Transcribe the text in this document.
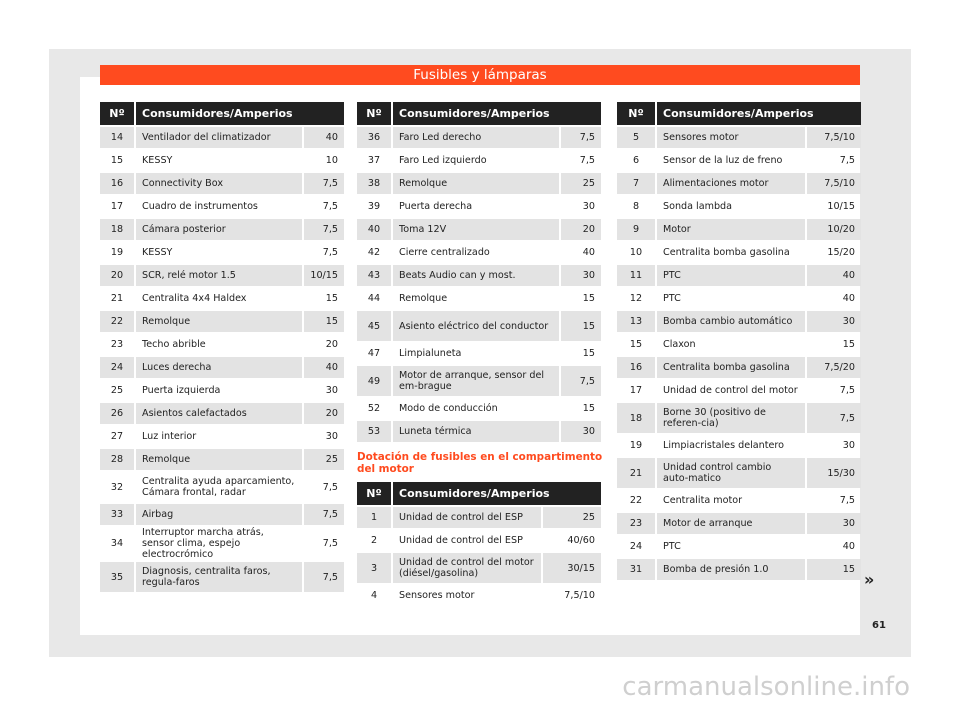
Fusibles y lámparas
Nº	Consumidores/Amperios	
14	Ventilador del climatizador	40
15	KESSY	10
16	Connectivity Box	7,5
17	Cuadro de instrumentos	7,5
18	Cámara posterior	7,5
19	KESSY	7,5
20	SCR, relé motor 1.5	10/15
21	Centralita 4x4 Haldex	15
22	Remolque	15
23	Techo abrible	20
24	Luces derecha	40
25	Puerta izquierda	30
26	Asientos calefactados	20
27	Luz interior	30
28	Remolque	25
32	Centralita ayuda aparcamiento, Cámara frontal, radar	7,5
33	Airbag	7,5
34	Interruptor marcha atrás, sensor clima, espejo electrocrómico	7,5
35	Diagnosis, centralita faros, regula-faros	7,5
Nº	Consumidores/Amperios	
36	Faro Led derecho	7,5
37	Faro Led izquierdo	7,5
38	Remolque	25
39	Puerta derecha	30
40	Toma 12V	20
42	Cierre centralizado	40
43	Beats Audio can y most.	30
44	Remolque	15
45	Asiento eléctrico del conductor	15
47	Limpialuneta	15
49	Motor de arranque, sensor del em-brague	7,5
52	Modo de conducción	15
53	Luneta térmica	30
Dotación de fusibles en el compartimento del motor
Nº	Consumidores/Amperios	
1	Unidad de control del ESP	25
2	Unidad de control del ESP	40/60
3	Unidad de control del motor (diésel/gasolina)	30/15
4	Sensores motor	7,5/10
Nº	Consumidores/Amperios	
5	Sensores motor	7,5/10
6	Sensor de la luz de freno	7,5
7	Alimentaciones motor	7,5/10
8	Sonda lambda	10/15
9	Motor	10/20
10	Centralita bomba gasolina	15/20
11	PTC	40
12	PTC	40
13	Bomba cambio automático	30
15	Claxon	15
16	Centralita bomba gasolina	7,5/20
17	Unidad de control del motor	7,5
18	Borne 30 (positivo de referen-cia)	7,5
19	Limpiacristales delantero	30
21	Unidad control cambio auto-matico	15/30
22	Centralita motor	7,5
23	Motor de arranque	30
24	PTC	40
31	Bomba de presión 1.0	15
»
61
carmanualsonline.info
